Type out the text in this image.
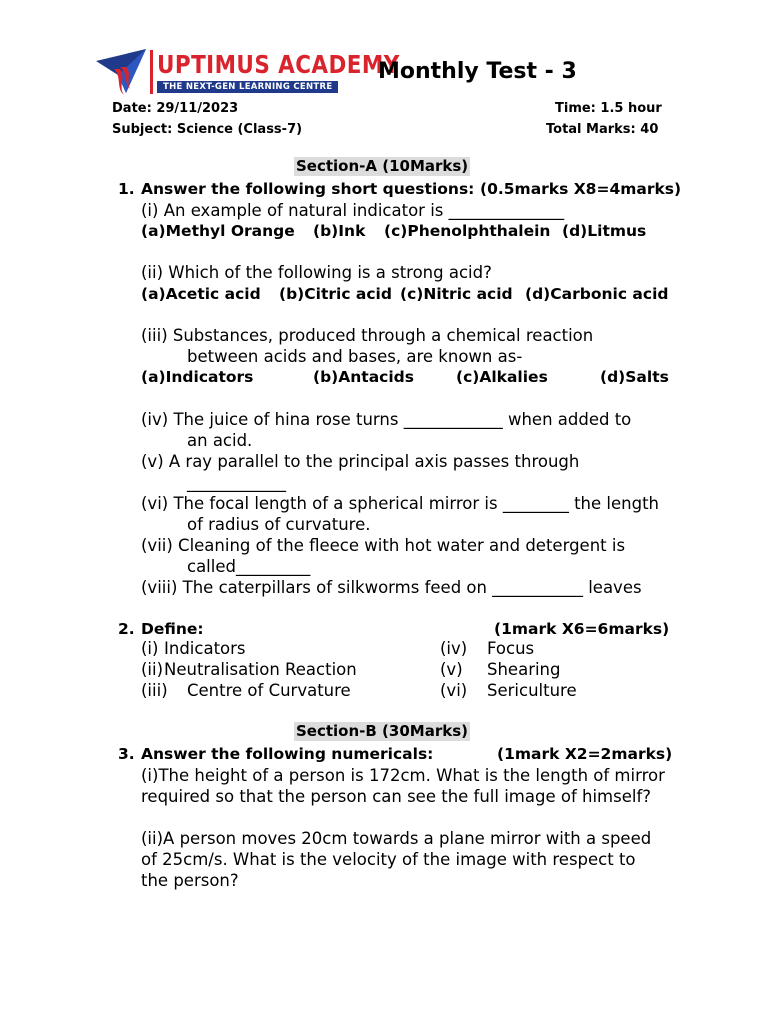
UPTIMUS ACADEMY
THE NEXT-GEN LEARNING CENTRE
Monthly Test - 3
Date: 29/11/2023	Time: 1.5 hour
Subject: Science (Class-7)	Total Marks: 40
Section-A (10Marks)
1. Answer the following short questions: (0.5marks X8=4marks)
(i) An example of natural indicator is ______________
(a)Methyl Orange (b)Ink (c)Phenolphthalein (d)Litmus
(ii) Which of the following is a strong acid?
(a)Acetic acid (b)Citric acid (c)Nitric acid (d)Carbonic acid
(iii) Substances, produced through a chemical reaction
between acids and bases, are known as-
(a)Indicators	(b)Antacids	(c)Alkalies	(d)Salts
(iv) The juice of hina rose turns ____________ when added to
an acid.
(v) A ray parallel to the principal axis passes through
____________
(vi) The focal length of a spherical mirror is ________ the length
of radius of curvature.
(vii) Cleaning of the fleece with hot water and detergent is
called_________
(viii) The caterpillars of silkworms feed on ___________ leaves
2. Define:	(1mark X6=6marks)
(i) Indicators
(ii) Neutralisation Reaction
(iii) Centre of Curvature
(iv) Focus
(v) Shearing
(vi) Sericulture
Section-B (30Marks)
3. Answer the following numericals:	(1mark X2=2marks)
(i)The height of a person is 172cm. What is the length of mirror
required so that the person can see the full image of himself?
(ii)A person moves 20cm towards a plane mirror with a speed
of 25cm/s. What is the velocity of the image with respect to
the person?
